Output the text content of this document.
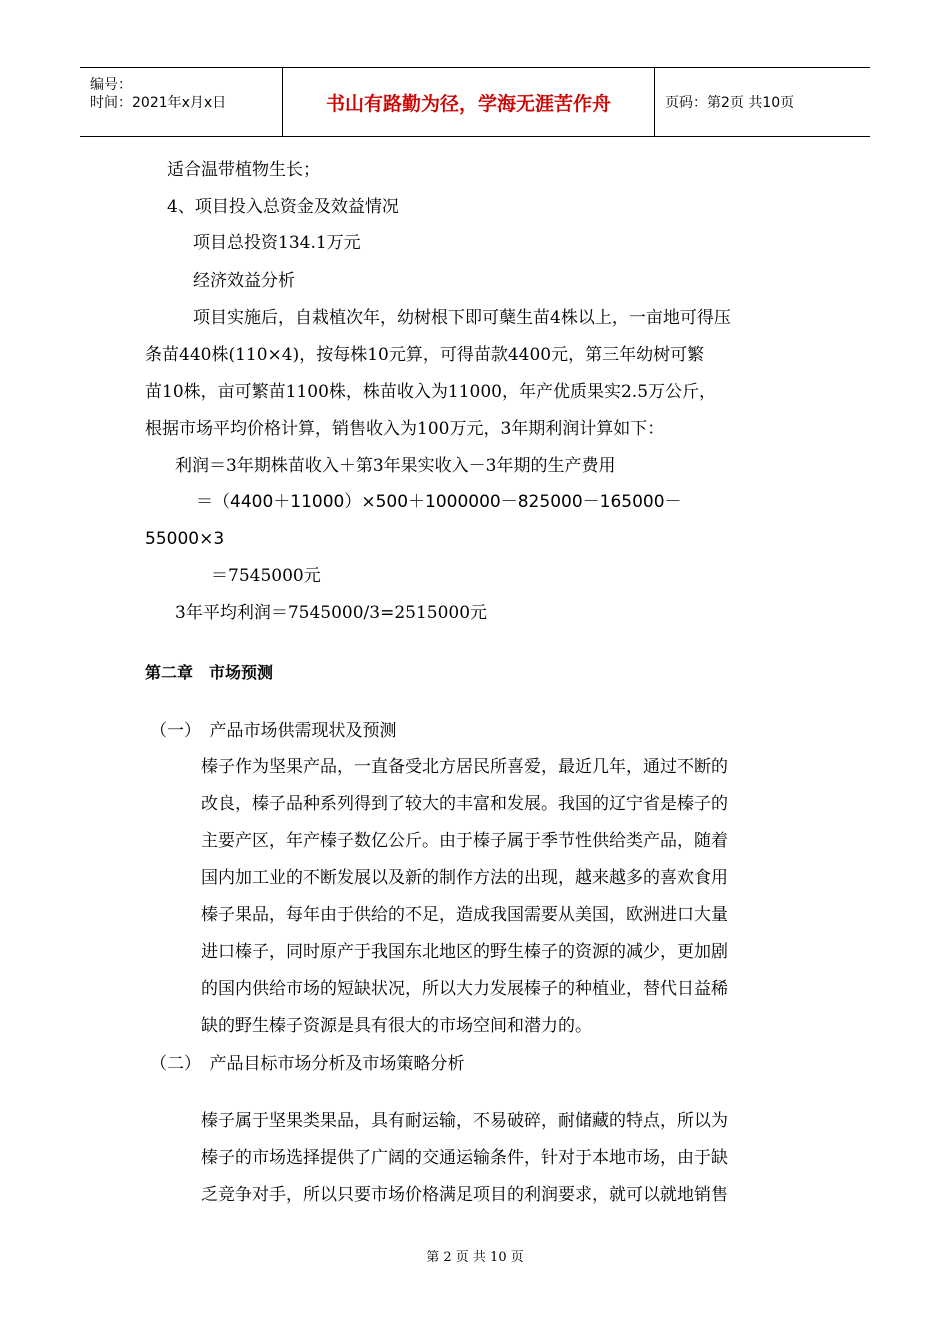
编号：
时间：2021年x月x日	书山有路勤为径，学海无涯苦作舟	页码：第2页 共10页
适合温带植物生长；
4、项目投入总资金及效益情况
项目总投资134.1万元
经济效益分析
项目实施后，自栽植次年，幼树根下即可蘖生苗4株以上，一亩地可得压
条苗440株(110×4)，按每株10元算，可得苗款4400元，第三年幼树可繁
苗10株，亩可繁苗1100株，株苗收入为11000，年产优质果实2.5万公斤，
根据市场平均价格计算，销售收入为100万元，3年期利润计算如下：
利润＝3年期株苗收入＋第3年果实收入－3年期的生产费用
＝（4400＋11000）×500＋1000000－825000－165000－
55000×3
＝7545000元
3年平均利润＝7545000/3=2515000元
第二章　市场预测
（一）　产品市场供需现状及预测
榛子作为坚果产品，一直备受北方居民所喜爱，最近几年，通过不断的
改良，榛子品种系列得到了较大的丰富和发展。我国的辽宁省是榛子的
主要产区，年产榛子数亿公斤。由于榛子属于季节性供给类产品，随着
国内加工业的不断发展以及新的制作方法的出现，越来越多的喜欢食用
榛子果品，每年由于供给的不足，造成我国需要从美国，欧洲进口大量
进口榛子，同时原产于我国东北地区的野生榛子的资源的减少，更加剧
的国内供给市场的短缺状况，所以大力发展榛子的种植业，替代日益稀
缺的野生榛子资源是具有很大的市场空间和潜力的。
（二）　产品目标市场分析及市场策略分析
榛子属于坚果类果品，具有耐运输，不易破碎，耐储藏的特点，所以为
榛子的市场选择提供了广阔的交通运输条件，针对于本地市场，由于缺
乏竞争对手，所以只要市场价格满足项目的利润要求，就可以就地销售
第 2 页 共 10 页
